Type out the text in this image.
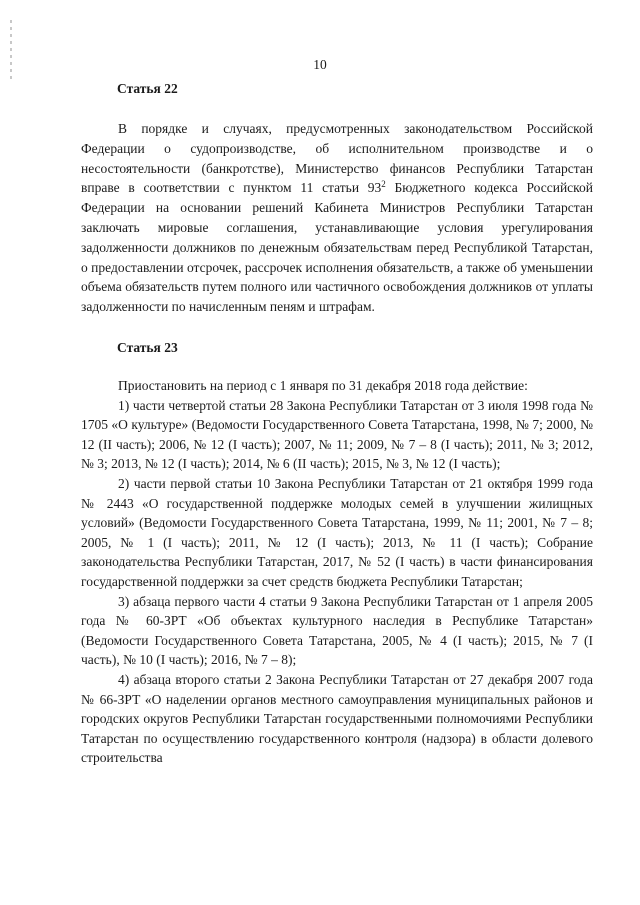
10
Статья 22

В порядке и случаях, предусмотренных законодательством Российской Федерации о судопроизводстве, об исполнительном производстве и о несостоятельности (банкротстве), Министерство финансов Республики Татарстан вправе в соответствии с пунктом 11 статьи $93^2$ Бюджетного кодекса Российской Федерации на основании решений Кабинета Министров Республики Татарстан заключать мировые соглашения, устанавливающие условия урегулирования задолженности должников по денежным обязательствам перед Республикой Татарстан, о предоставлении отсрочек, рассрочек исполнения обязательств, а также об уменьшении объема обязательств путем полного или частичного освобождения должников от уплаты задолженности по начисленным пеням и штрафам.

Статья 23

Приостановить на период с 1 января по 31 декабря 2018 года действие:

1) части четвертой статьи 28 Закона Республики Татарстан от 3 июля 1998 года № 1705 «О культуре» (Ведомости Государственного Совета Татарстана, 1998, № 7; 2000, № 12 (II часть); 2006, № 12 (I часть); 2007, № 11; 2009, № 7 – 8 (I часть); 2011, № 3; 2012, № 3; 2013, № 12 (I часть); 2014, № 6 (II часть); 2015, № 3, № 12 (I часть);

2) части первой статьи 10 Закона Республики Татарстан от 21 октября 1999 года № 2443 «О государственной поддержке молодых семей в улучшении жилищных условий» (Ведомости Государственного Совета Татарстана, 1999, № 11; 2001, № 7 – 8; 2005, № 1 (I часть); 2011, № 12 (I часть); 2013, № 11 (I часть); Собрание законодательства Республики Татарстан, 2017, № 52 (I часть) в части финансирования государственной поддержки за счет средств бюджета Республики Татарстан;

3) абзаца первого части 4 статьи 9 Закона Республики Татарстан от 1 апреля 2005 года № 60-ЗРТ «Об объектах культурного наследия в Республике Татарстан» (Ведомости Государственного Совета Татарстана, 2005, № 4 (I часть); 2015, № 7 (I часть), № 10 (I часть); 2016, № 7 – 8);

4) абзаца второго статьи 2 Закона Республики Татарстан от 27 декабря 2007 года № 66-ЗРТ «О наделении органов местного самоуправления муниципальных районов и городских округов Республики Татарстан государственными полномочиями Республики Татарстан по осуществлению государственного контроля (надзора) в области долевого строительства
